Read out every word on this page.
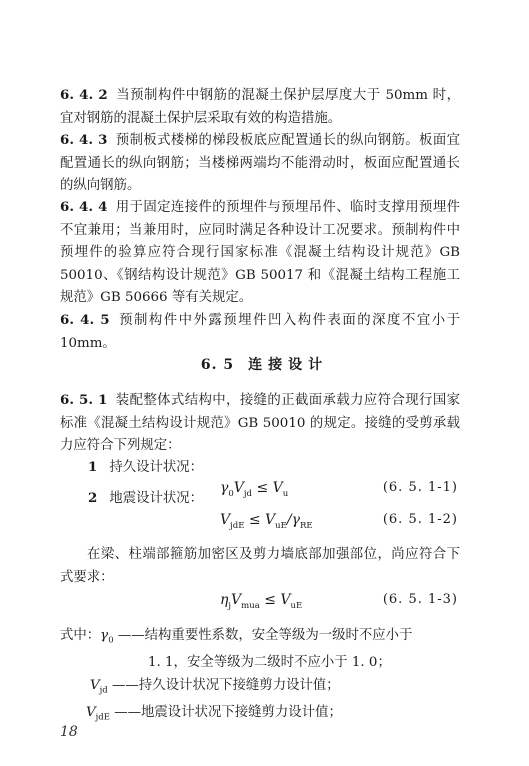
6. 4. 2 当预制构件中钢筋的混凝土保护层厚度大于 50mm 时，宜对钢筋的混凝土保护层采取有效的构造措施。
6. 4. 3 预制板式楼梯的梯段板底应配置通长的纵向钢筋。板面宜配置通长的纵向钢筋；当楼梯两端均不能滑动时，板面应配置通长的纵向钢筋。
6. 4. 4 用于固定连接件的预埋件与预埋吊件、临时支撑用预埋件不宜兼用；当兼用时，应同时满足各种设计工况要求。预制构件中预埋件的验算应符合现行国家标准《混凝土结构设计规范》GB 50010、《钢结构设计规范》GB 50017 和《混凝土结构工程施工规范》GB 50666 等有关规定。
6. 4. 5 预制构件中外露预埋件凹入构件表面的深度不宜小于 10mm。
6. 5 连接设计
6. 5. 1 装配整体式结构中，接缝的正截面承载力应符合现行国家标准《混凝土结构设计规范》GB 50010 的规定。接缝的受剪承载力应符合下列规定：
1 持久设计状况：
$\gamma_0V_{jd} \le V_u$	(6. 5. 1-1)
2 地震设计状况：
$V_{jdE} \le V_{uE}/\gamma_{RE}$	(6. 5. 1-2)
在梁、柱端部箍筋加密区及剪力墙底部加强部位，尚应符合下式要求：
$\eta_jV_{mua} \le V_{uE}$	(6. 5. 1-3)
式中：$\gamma_0$ ——结构重要性系数，安全等级为一级时不应小于
1. 1，安全等级为二级时不应小于 1. 0；
$V_{jd}$ ——持久设计状况下接缝剪力设计值；
$V_{jdE}$ ——地震设计状况下接缝剪力设计值；
18
